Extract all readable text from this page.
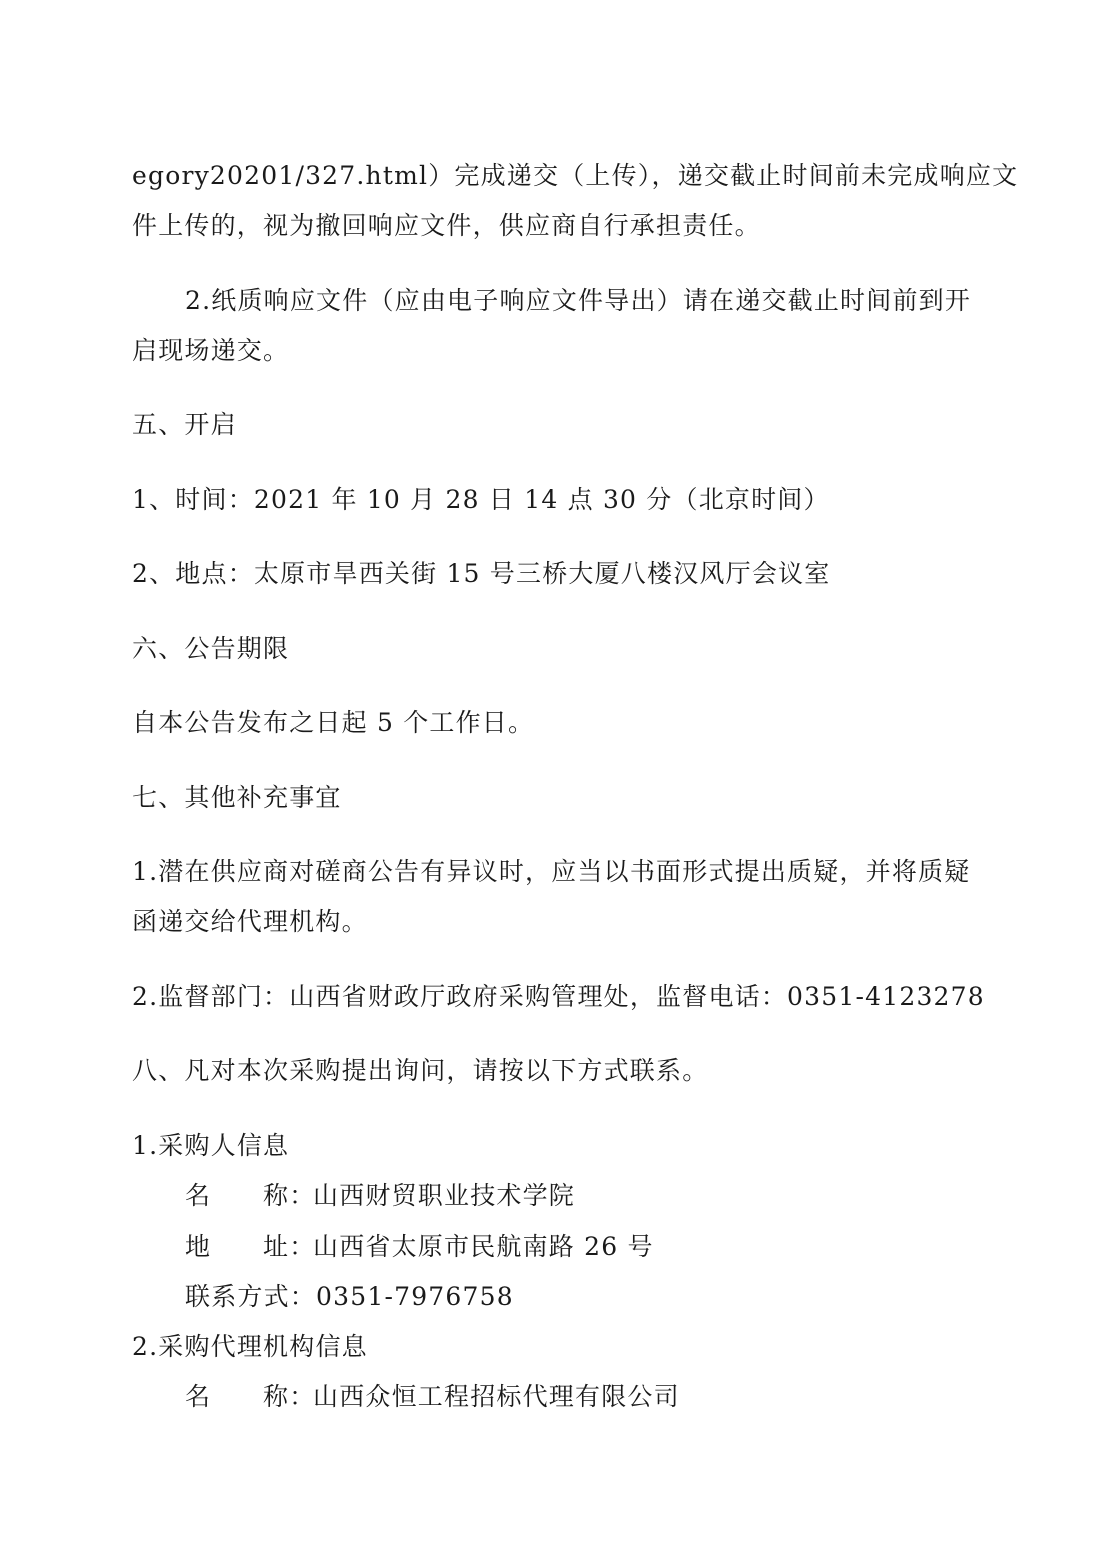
egory20201/327.html）完成递交（上传），递交截止时间前未完成响应文
件上传的，视为撤回响应文件，供应商自行承担责任。
2.纸质响应文件（应由电子响应文件导出）请在递交截止时间前到开
启现场递交。
五、开启
1、时间：2021 年 10 月 28 日 14 点 30 分（北京时间）
2、地点：太原市旱西关街 15 号三桥大厦八楼汉风厅会议室
六、公告期限
自本公告发布之日起 5 个工作日。
七、其他补充事宜
1.潜在供应商对磋商公告有异议时，应当以书面形式提出质疑，并将质疑
函递交给代理机构。
2.监督部门：山西省财政厅政府采购管理处，监督电话：0351-4123278
八、凡对本次采购提出询问，请按以下方式联系。
1.采购人信息
名 称：山西财贸职业技术学院
地 址：山西省太原市民航南路 26 号
联系方式：0351-7976758
2.采购代理机构信息
名 称：山西众恒工程招标代理有限公司
